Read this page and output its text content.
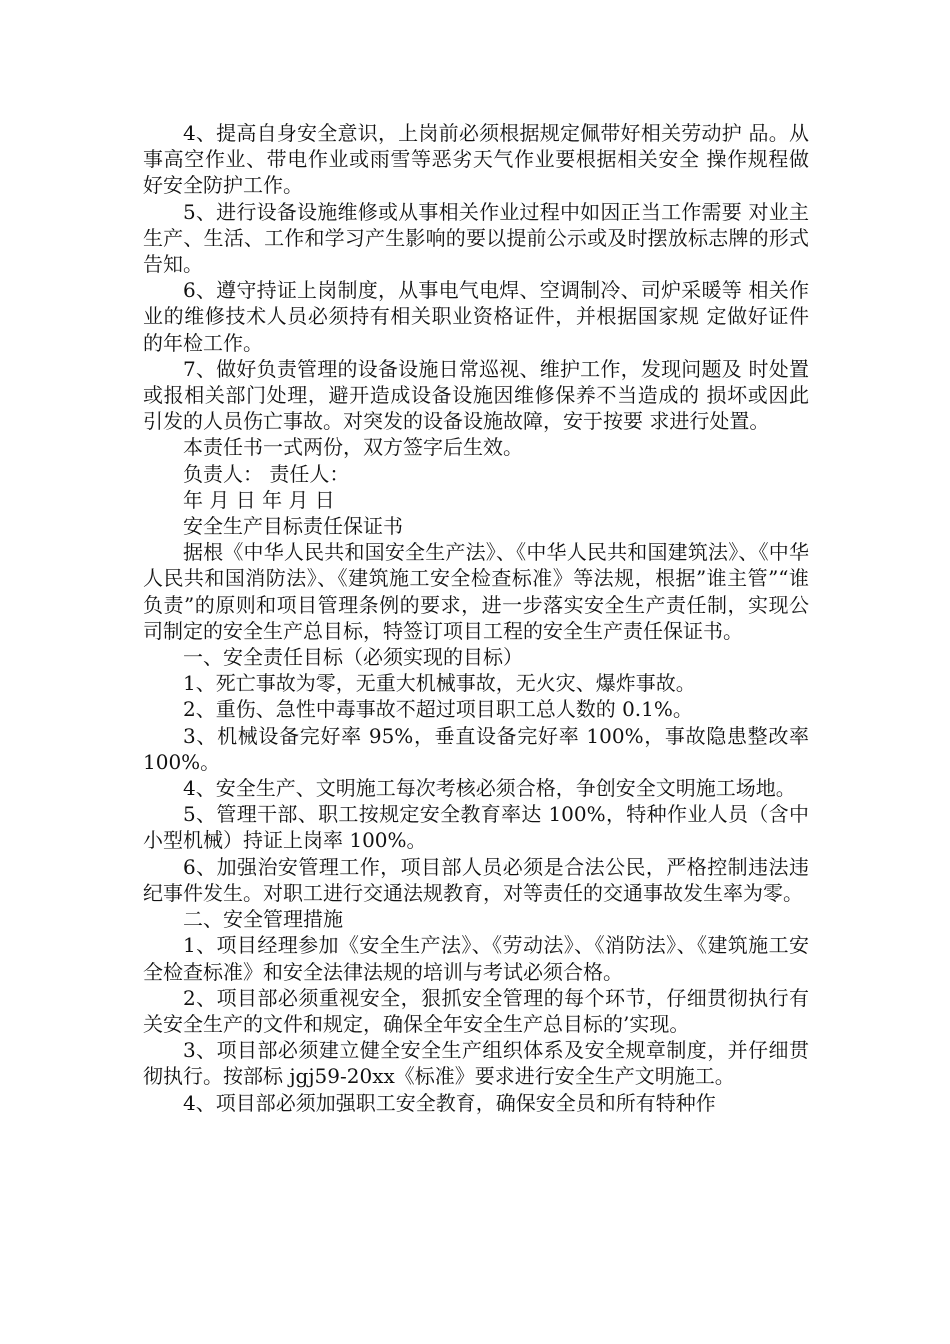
4、提高自身安全意识，上岗前必须根据规定佩带好相关劳动护 品。从事高空作业、带电作业或雨雪等恶劣天气作业要根据相关安全 操作规程做好安全防护工作。

5、进行设备设施维修或从事相关作业过程中如因正当工作需要 对业主生产、生活、工作和学习产生影响的要以提前公示或及时摆放标志牌的形式告知。

6、遵守持证上岗制度，从事电气电焊、空调制冷、司炉采暖等 相关作业的维修技术人员必须持有相关职业资格证件，并根据国家规 定做好证件的年检工作。

7、做好负责管理的设备设施日常巡视、维护工作，发现问题及 时处置或报相关部门处理，避开造成设备设施因维修保养不当造成的 损坏或因此引发的人员伤亡事故。对突发的设备设施故障，安于按要 求进行处置。

本责任书一式两份，双方签字后生效。

负责人： 责任人：

年 月 日 年 月 日

安全生产目标责任保证书

据根《中华人民共和国安全生产法》、《中华人民共和国建筑法》、《中华人民共和国消防法》、《建筑施工安全检查标准》等法规，根据”谁主管”“谁负责”的原则和项目管理条例的要求，进一步落实安全生产责任制，实现公司制定的安全生产总目标，特签订项目工程的安全生产责任保证书。

一、安全责任目标（必须实现的目标）

1、死亡事故为零，无重大机械事故，无火灾、爆炸事故。

2、重伤、急性中毒事故不超过项目职工总人数的 0.1%。

3、机械设备完好率 95%，垂直设备完好率 100%，事故隐患整改率 100%。

4、安全生产、文明施工每次考核必须合格，争创安全文明施工场地。

5、管理干部、职工按规定安全教育率达 100%，特种作业人员（含中小型机械）持证上岗率 100%。

6、加强治安管理工作，项目部人员必须是合法公民，严格控制违法违纪事件发生。对职工进行交通法规教育，对等责任的交通事故发生率为零。

二、安全管理措施

1、项目经理参加《安全生产法》、《劳动法》、《消防法》、《建筑施工安全检查标准》和安全法律法规的培训与考试必须合格。

2、项目部必须重视安全，狠抓安全管理的每个环节，仔细贯彻执行有关安全生产的文件和规定，确保全年安全生产总目标的’实现。

3、项目部必须建立健全安全生产组织体系及安全规章制度，并仔细贯彻执行。按部标 jgj59-20xx《标准》要求进行安全生产文明施工。

4、项目部必须加强职工安全教育，确保安全员和所有特种作
